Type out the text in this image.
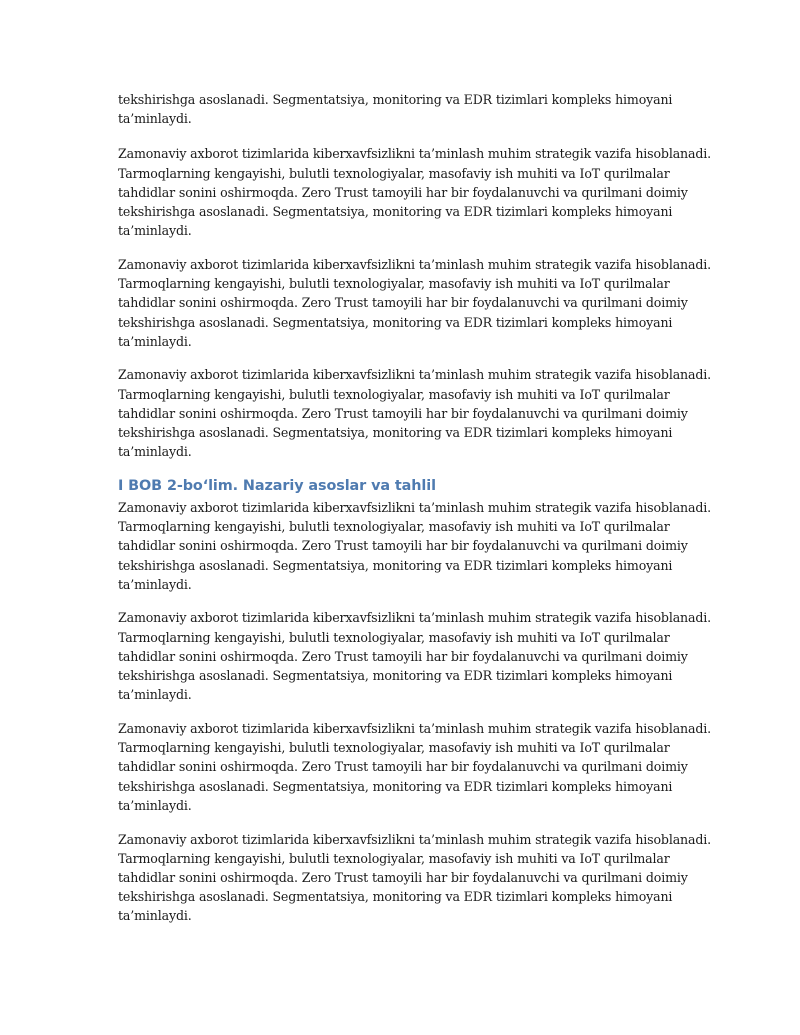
tekshirishga asoslanadi. Segmentatsiya, monitoring va EDR tizimlari kompleks himoyani
ta’minlaydi.

Zamonaviy axborot tizimlarida kiberxavfsizlikni ta’minlash muhim strategik vazifa hisoblanadi.
Tarmoqlarning kengayishi, bulutli texnologiyalar, masofaviy ish muhiti va IoT qurilmalar
tahdidlar sonini oshirmoqda. Zero Trust tamoyili har bir foydalanuvchi va qurilmani doimiy
tekshirishga asoslanadi. Segmentatsiya, monitoring va EDR tizimlari kompleks himoyani
ta’minlaydi.

Zamonaviy axborot tizimlarida kiberxavfsizlikni ta’minlash muhim strategik vazifa hisoblanadi.
Tarmoqlarning kengayishi, bulutli texnologiyalar, masofaviy ish muhiti va IoT qurilmalar
tahdidlar sonini oshirmoqda. Zero Trust tamoyili har bir foydalanuvchi va qurilmani doimiy
tekshirishga asoslanadi. Segmentatsiya, monitoring va EDR tizimlari kompleks himoyani
ta’minlaydi.

Zamonaviy axborot tizimlarida kiberxavfsizlikni ta’minlash muhim strategik vazifa hisoblanadi.
Tarmoqlarning kengayishi, bulutli texnologiyalar, masofaviy ish muhiti va IoT qurilmalar
tahdidlar sonini oshirmoqda. Zero Trust tamoyili har bir foydalanuvchi va qurilmani doimiy
tekshirishga asoslanadi. Segmentatsiya, monitoring va EDR tizimlari kompleks himoyani
ta’minlaydi.

I BOB 2-bo‘lim. Nazariy asoslar va tahlil

Zamonaviy axborot tizimlarida kiberxavfsizlikni ta’minlash muhim strategik vazifa hisoblanadi.
Tarmoqlarning kengayishi, bulutli texnologiyalar, masofaviy ish muhiti va IoT qurilmalar
tahdidlar sonini oshirmoqda. Zero Trust tamoyili har bir foydalanuvchi va qurilmani doimiy
tekshirishga asoslanadi. Segmentatsiya, monitoring va EDR tizimlari kompleks himoyani
ta’minlaydi.

Zamonaviy axborot tizimlarida kiberxavfsizlikni ta’minlash muhim strategik vazifa hisoblanadi.
Tarmoqlarning kengayishi, bulutli texnologiyalar, masofaviy ish muhiti va IoT qurilmalar
tahdidlar sonini oshirmoqda. Zero Trust tamoyili har bir foydalanuvchi va qurilmani doimiy
tekshirishga asoslanadi. Segmentatsiya, monitoring va EDR tizimlari kompleks himoyani
ta’minlaydi.

Zamonaviy axborot tizimlarida kiberxavfsizlikni ta’minlash muhim strategik vazifa hisoblanadi.
Tarmoqlarning kengayishi, bulutli texnologiyalar, masofaviy ish muhiti va IoT qurilmalar
tahdidlar sonini oshirmoqda. Zero Trust tamoyili har bir foydalanuvchi va qurilmani doimiy
tekshirishga asoslanadi. Segmentatsiya, monitoring va EDR tizimlari kompleks himoyani
ta’minlaydi.

Zamonaviy axborot tizimlarida kiberxavfsizlikni ta’minlash muhim strategik vazifa hisoblanadi.
Tarmoqlarning kengayishi, bulutli texnologiyalar, masofaviy ish muhiti va IoT qurilmalar
tahdidlar sonini oshirmoqda. Zero Trust tamoyili har bir foydalanuvchi va qurilmani doimiy
tekshirishga asoslanadi. Segmentatsiya, monitoring va EDR tizimlari kompleks himoyani
ta’minlaydi.
